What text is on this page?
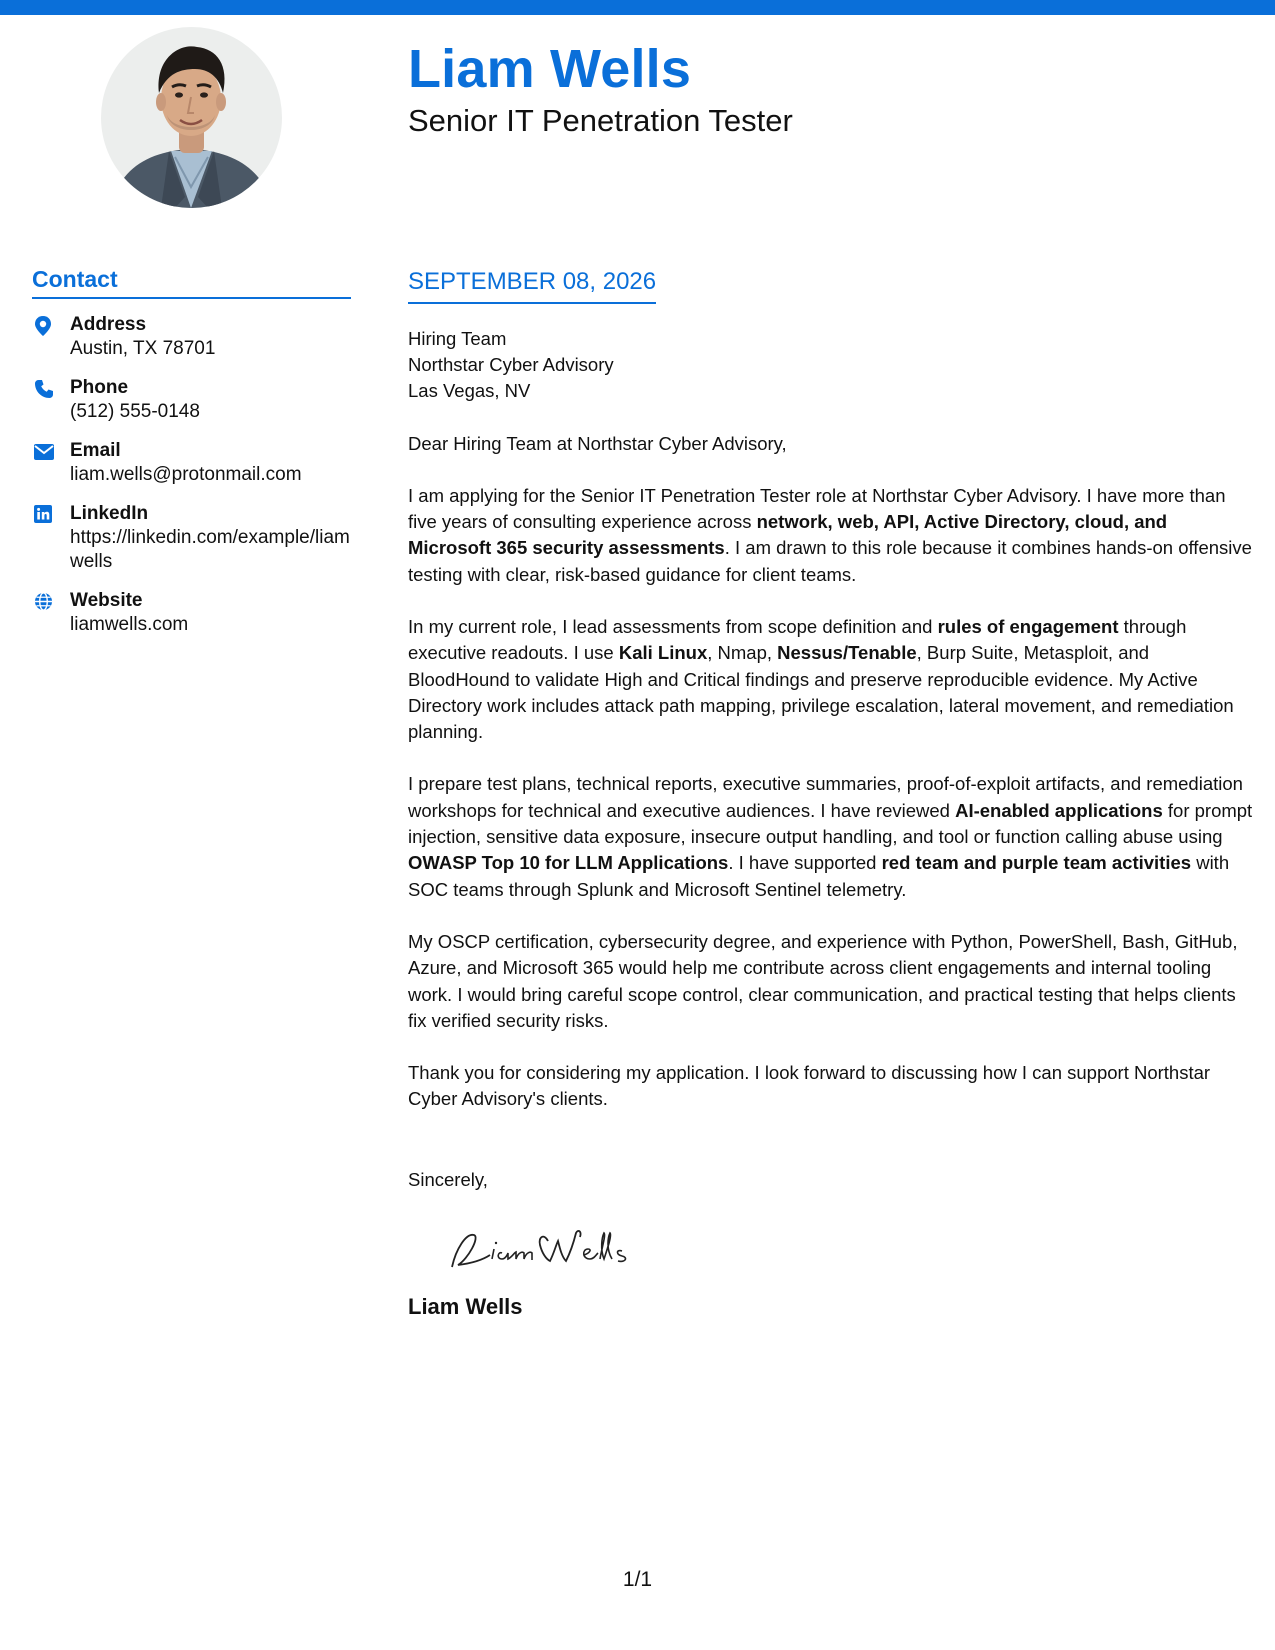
Liam Wells
Senior IT Penetration Tester
Contact
Address
Austin, TX 78701
Phone
(512) 555-0148
Email
liam.wells@protonmail.com
LinkedIn
https://linkedin.com/example/liamwells
Website
liamwells.com
SEPTEMBER 08, 2026
Hiring Team
Northstar Cyber Advisory
Las Vegas, NV

Dear Hiring Team at Northstar Cyber Advisory,

I am applying for the Senior IT Penetration Tester role at Northstar Cyber Advisory. I have more than five years of consulting experience across network, web, API, Active Directory, cloud, and Microsoft 365 security assessments. I am drawn to this role because it combines hands-on offensive testing with clear, risk-based guidance for client teams.

In my current role, I lead assessments from scope definition and rules of engagement through executive readouts. I use Kali Linux, Nmap, Nessus/Tenable, Burp Suite, Metasploit, and BloodHound to validate High and Critical findings and preserve reproducible evidence. My Active Directory work includes attack path mapping, privilege escalation, lateral movement, and remediation planning.

I prepare test plans, technical reports, executive summaries, proof-of-exploit artifacts, and remediation workshops for technical and executive audiences. I have reviewed AI-enabled applications for prompt injection, sensitive data exposure, insecure output handling, and tool or function calling abuse using OWASP Top 10 for LLM Applications. I have supported red team and purple team activities with SOC teams through Splunk and Microsoft Sentinel telemetry.

My OSCP certification, cybersecurity degree, and experience with Python, PowerShell, Bash, GitHub, Azure, and Microsoft 365 would help me contribute across client engagements and internal tooling work. I would bring careful scope control, clear communication, and practical testing that helps clients fix verified security risks.

Thank you for considering my application. I look forward to discussing how I can support Northstar Cyber Advisory's clients.

Sincerely,

Liam Wells
1/1
